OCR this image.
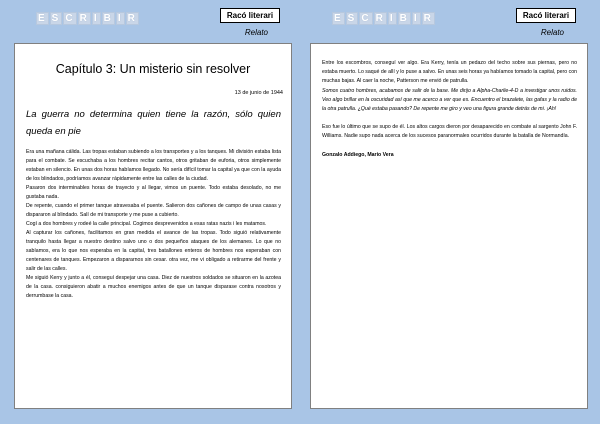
E S C R I B I R	Racó literari
Relato
Capítulo 3: Un misterio sin resolver
13 de junio de 1944
La guerra no determina quien tiene la razón, sólo quien queda en pie

Era una mañana cálida. Las tropas estaban subiendo a los transportes y a los tanques. Mi división estaba lista para el combate. Se escuchaba a los hombres recitar cantos, otros gritaban de euforia, otros simplemente estaban en silencio. En unas dos horas habíamos llegado. No sería difícil tomar la capital ya que con la ayuda de los blindados, podríamos avanzar rápidamente entre las calles de la ciudad.

Pasaron dos interminables horas de trayecto y al llegar, vimos un puente. Todo estaba desolado, no me gustaba nada.

De repente, cuando el primer tanque atravesaba el puente. Salieron dos cañones de campo de unas casas y dispararon al blindado. Salí de mi transporte y me puse a cubierto.

Cogí a dos hombres y rodeé la calle principal. Cogimos desprevenidos a esas ratas nazis i les matamos.

Al capturar los cañones, facilitamos en gran medida el avance de las tropas. Todo siguió relativamente tranquilo hasta llegar a nuestro destino salvo uno o dos pequeños ataques de los alemanes. Lo que no sabíamos, era lo que nos esperaba en la capital, tres batallones enteros de hombres nos esperaban con centenares de tanques. Empezaron a dispararnos sin cesar. otra vez, me vi obligado a retirarme del frente y salir de las calles.

Me siguió Kerry y junto a él, conseguí despejar una casa. Diez de nuestros soldados se situaron en la azotea de la casa. consiguieron abatir a muchos enemigos antes de que un tanque disparase contra nosotros y derrumbase la casa.

E S C R I B I R	Racó literari
Relato

Entre los escombros, conseguí ver algo. Era Kerry, tenía un pedazo del techo sobre sus piernas, pero no estaba muerto. Lo saqué de allí y lo puse a salvo. En unas seis horas ya habíamos tomado la capital, pero con muchas bajas. Al caer la noche, Patterson me envió de patrulla.

Somos cuatro hombres, acabamos de salir de la base. Me dirijo a Alpha-Charlie-4-D a investigar unos ruidos. Veo algo brillar en la oscuridad así que me acerco a ver que es. Encuentro el brazalete, las gafas y la radio de la otra patrulla. ¿Qué estaba pasando? De repente me giro y veo una figura grande detrás de mi. ¡Ah!

Eso fue lo último que se supo de él. Los altos cargos dieron por desaparecido en combate al sargento John F. Williams. Nadie supo nada acerca de los sucesos paranormales ocurridos durante la batalla de Normandía.

Gonzalo Addiego, Mario Vera
